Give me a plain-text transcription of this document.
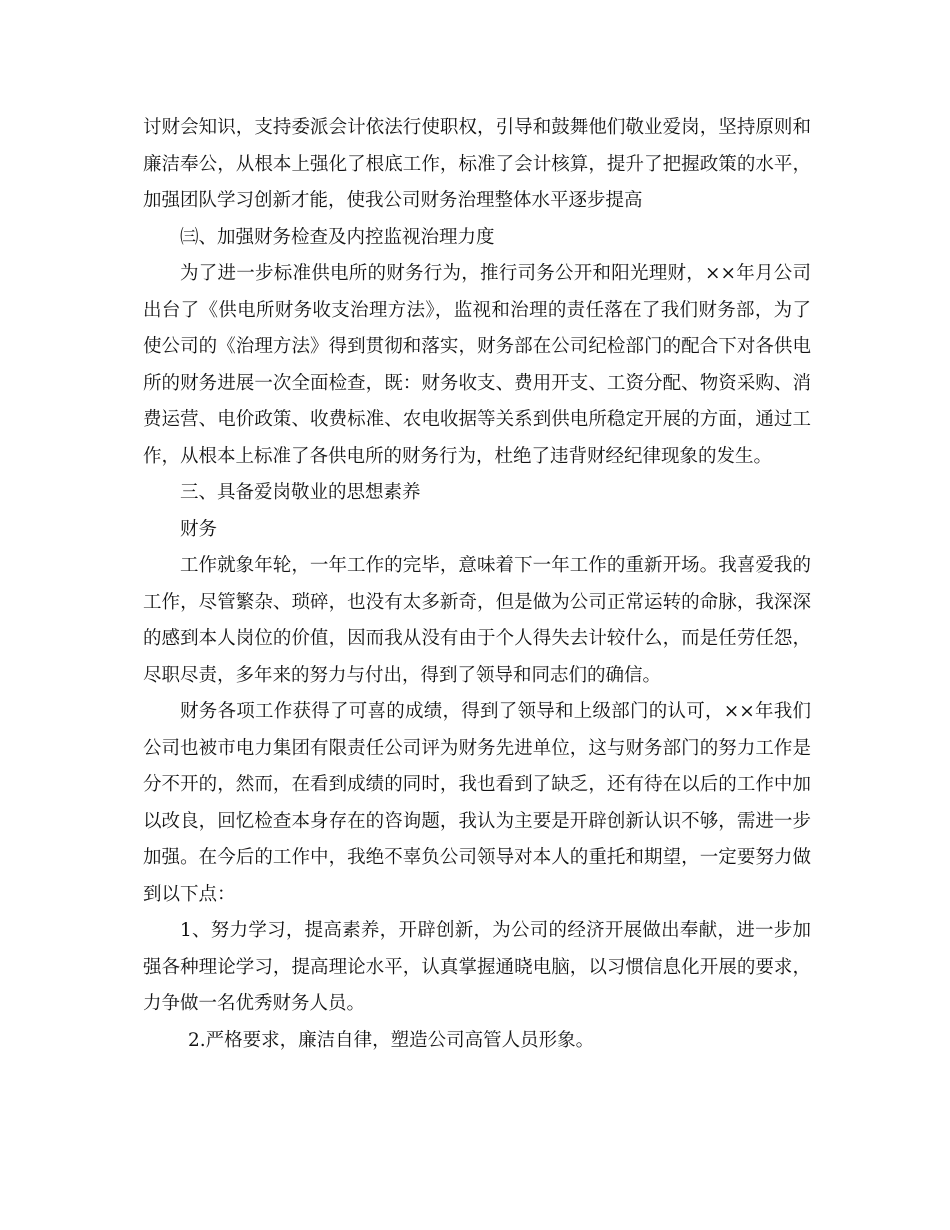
讨财会知识，支持委派会计依法行使职权，引导和鼓舞他们敬业爱岗，坚持原则和廉洁奉公，从根本上强化了根底工作，标准了会计核算，提升了把握政策的水平，加强团队学习创新才能，使我公司财务治理整体水平逐步提高

㈢、加强财务检查及内控监视治理力度

为了进一步标准供电所的财务行为，推行司务公开和阳光理财，××年月公司出台了《供电所财务收支治理方法》，监视和治理的责任落在了我们财务部，为了使公司的《治理方法》得到贯彻和落实，财务部在公司纪检部门的配合下对各供电所的财务进展一次全面检查，既：财务收支、费用开支、工资分配、物资采购、消费运营、电价政策、收费标准、农电收据等关系到供电所稳定开展的方面，通过工作，从根本上标准了各供电所的财务行为，杜绝了违背财经纪律现象的发生。

三、具备爱岗敬业的思想素养

财务

工作就象年轮，一年工作的完毕，意味着下一年工作的重新开场。我喜爱我的工作，尽管繁杂、琐碎，也没有太多新奇，但是做为公司正常运转的命脉，我深深的感到本人岗位的价值，因而我从没有由于个人得失去计较什么，而是任劳任怨，尽职尽责，多年来的努力与付出，得到了领导和同志们的确信。

财务各项工作获得了可喜的成绩，得到了领导和上级部门的认可，××年我们公司也被市电力集团有限责任公司评为财务先进单位，这与财务部门的努力工作是分不开的，然而，在看到成绩的同时，我也看到了缺乏，还有待在以后的工作中加以改良，回忆检查本身存在的咨询题，我认为主要是开辟创新认识不够，需进一步加强。在今后的工作中，我绝不辜负公司领导对本人的重托和期望，一定要努力做到以下点：

1、努力学习，提高素养，开辟创新，为公司的经济开展做出奉献，进一步加强各种理论学习，提高理论水平，认真掌握通晓电脑，以习惯信息化开展的要求，力争做一名优秀财务人员。

2.严格要求，廉洁自律，塑造公司高管人员形象。
